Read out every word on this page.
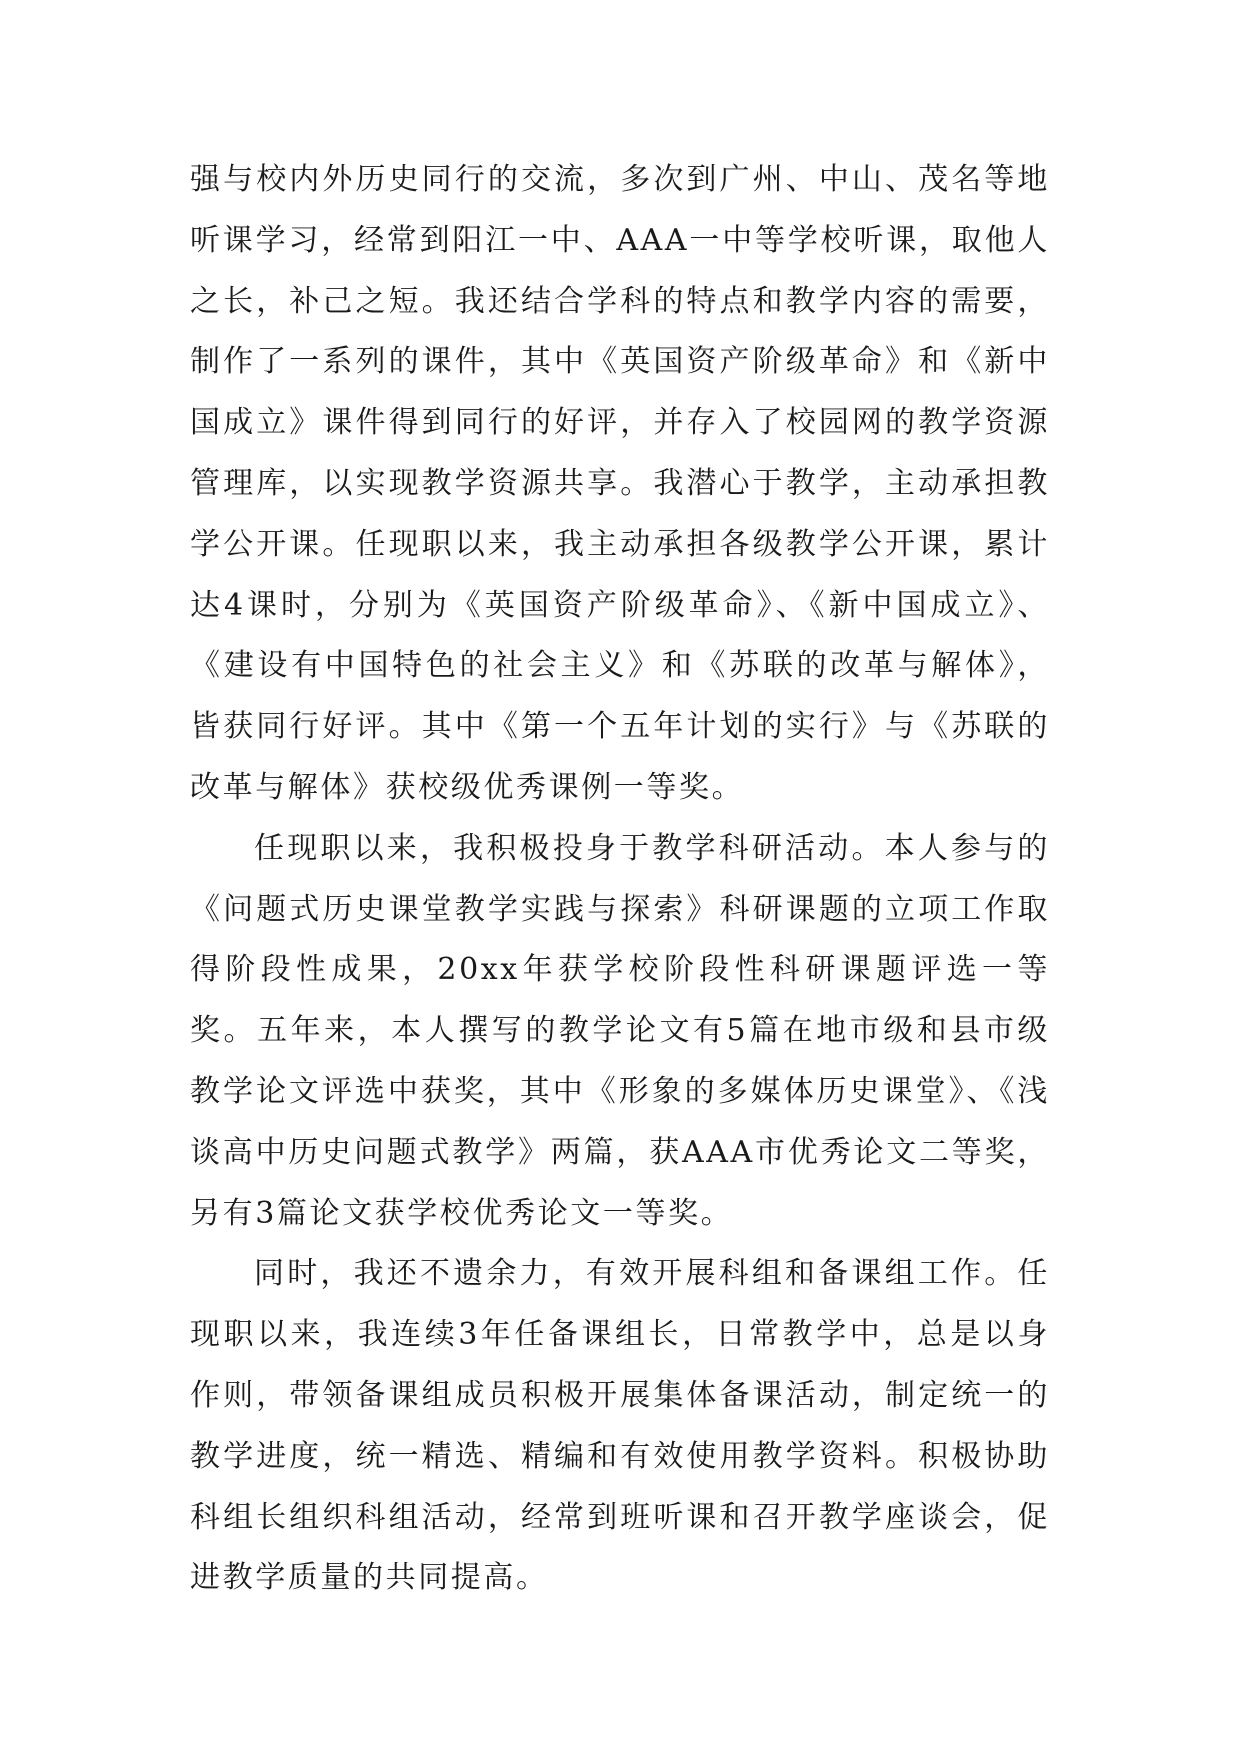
强与校内外历史同行的交流，多次到广州、中山、茂名等地听课学习，经常到阳江一中、AAA一中等学校听课，取他人之长，补己之短。我还结合学科的特点和教学内容的需要，制作了一系列的课件，其中《英国资产阶级革命》和《新中国成立》课件得到同行的好评，并存入了校园网的教学资源管理库，以实现教学资源共享。我潜心于教学，主动承担教学公开课。任现职以来，我主动承担各级教学公开课，累计达4课时，分别为《英国资产阶级革命》、《新中国成立》、《建设有中国特色的社会主义》和《苏联的改革与解体》，皆获同行好评。其中《第一个五年计划的实行》与《苏联的改革与解体》获校级优秀课例一等奖。

任现职以来，我积极投身于教学科研活动。本人参与的《问题式历史课堂教学实践与探索》科研课题的立项工作取得阶段性成果，20xx年获学校阶段性科研课题评选一等奖。五年来，本人撰写的教学论文有5篇在地市级和县市级教学论文评选中获奖，其中《形象的多媒体历史课堂》、《浅谈高中历史问题式教学》两篇，获AAA市优秀论文二等奖，另有3篇论文获学校优秀论文一等奖。

同时，我还不遗余力，有效开展科组和备课组工作。任现职以来，我连续3年任备课组长，日常教学中，总是以身作则，带领备课组成员积极开展集体备课活动，制定统一的教学进度，统一精选、精编和有效使用教学资料。积极协助科组长组织科组活动，经常到班听课和召开教学座谈会，促进教学质量的共同提高。
